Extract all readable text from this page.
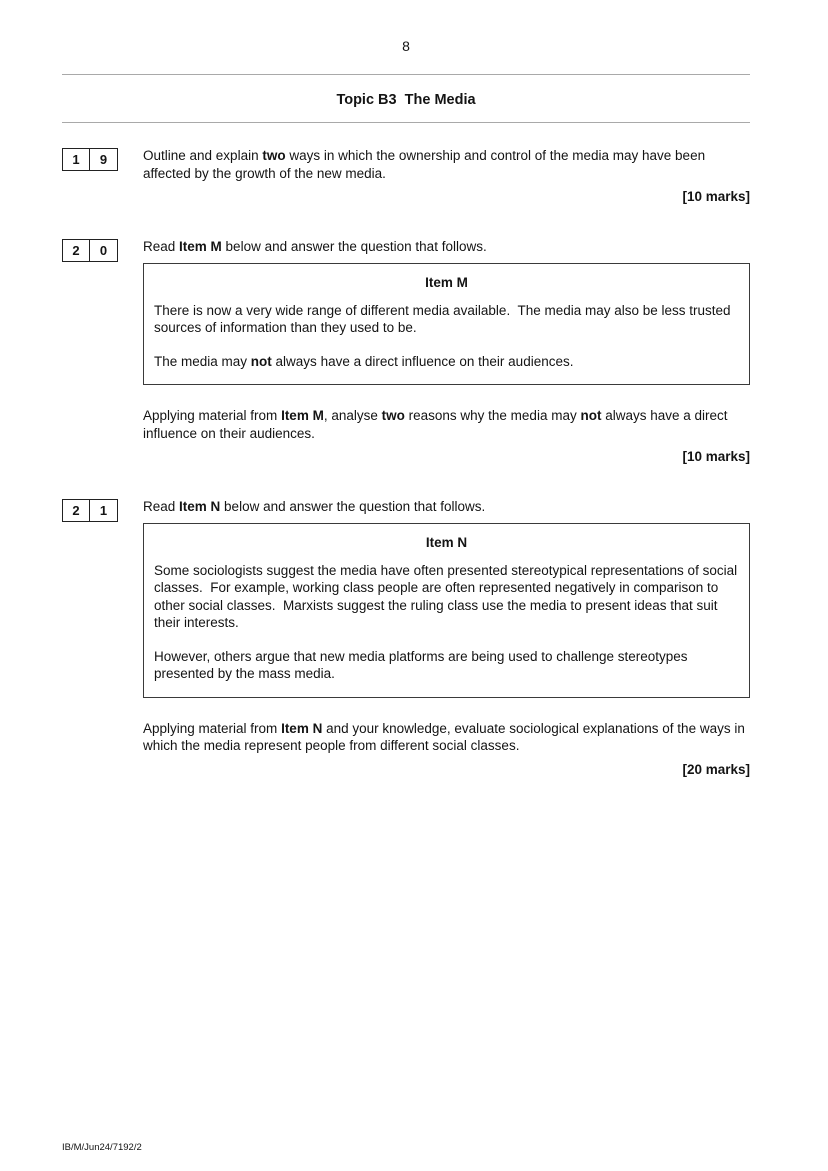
8
Topic B3  The Media
1	9	Outline and explain two ways in which the ownership and control of the media may have been affected by the growth of the new media.

[10 marks]

2	0	Read Item M below and answer the question that follows.

Item M

There is now a very wide range of different media available.  The media may also be less trusted sources of information than they used to be.

The media may not always have a direct influence on their audiences.

Applying material from Item M, analyse two reasons why the media may not always have a direct influence on their audiences.

[10 marks]

2	1	Read Item N below and answer the question that follows.

Item N

Some sociologists suggest the media have often presented stereotypical representations of social classes.  For example, working class people are often represented negatively in comparison to other social classes.  Marxists suggest the ruling class use the media to present ideas that suit their interests.

However, others argue that new media platforms are being used to challenge stereotypes presented by the mass media.

Applying material from Item N and your knowledge, evaluate sociological explanations of the ways in which the media represent people from different social classes.

[20 marks]

IB/M/Jun24/7192/2
